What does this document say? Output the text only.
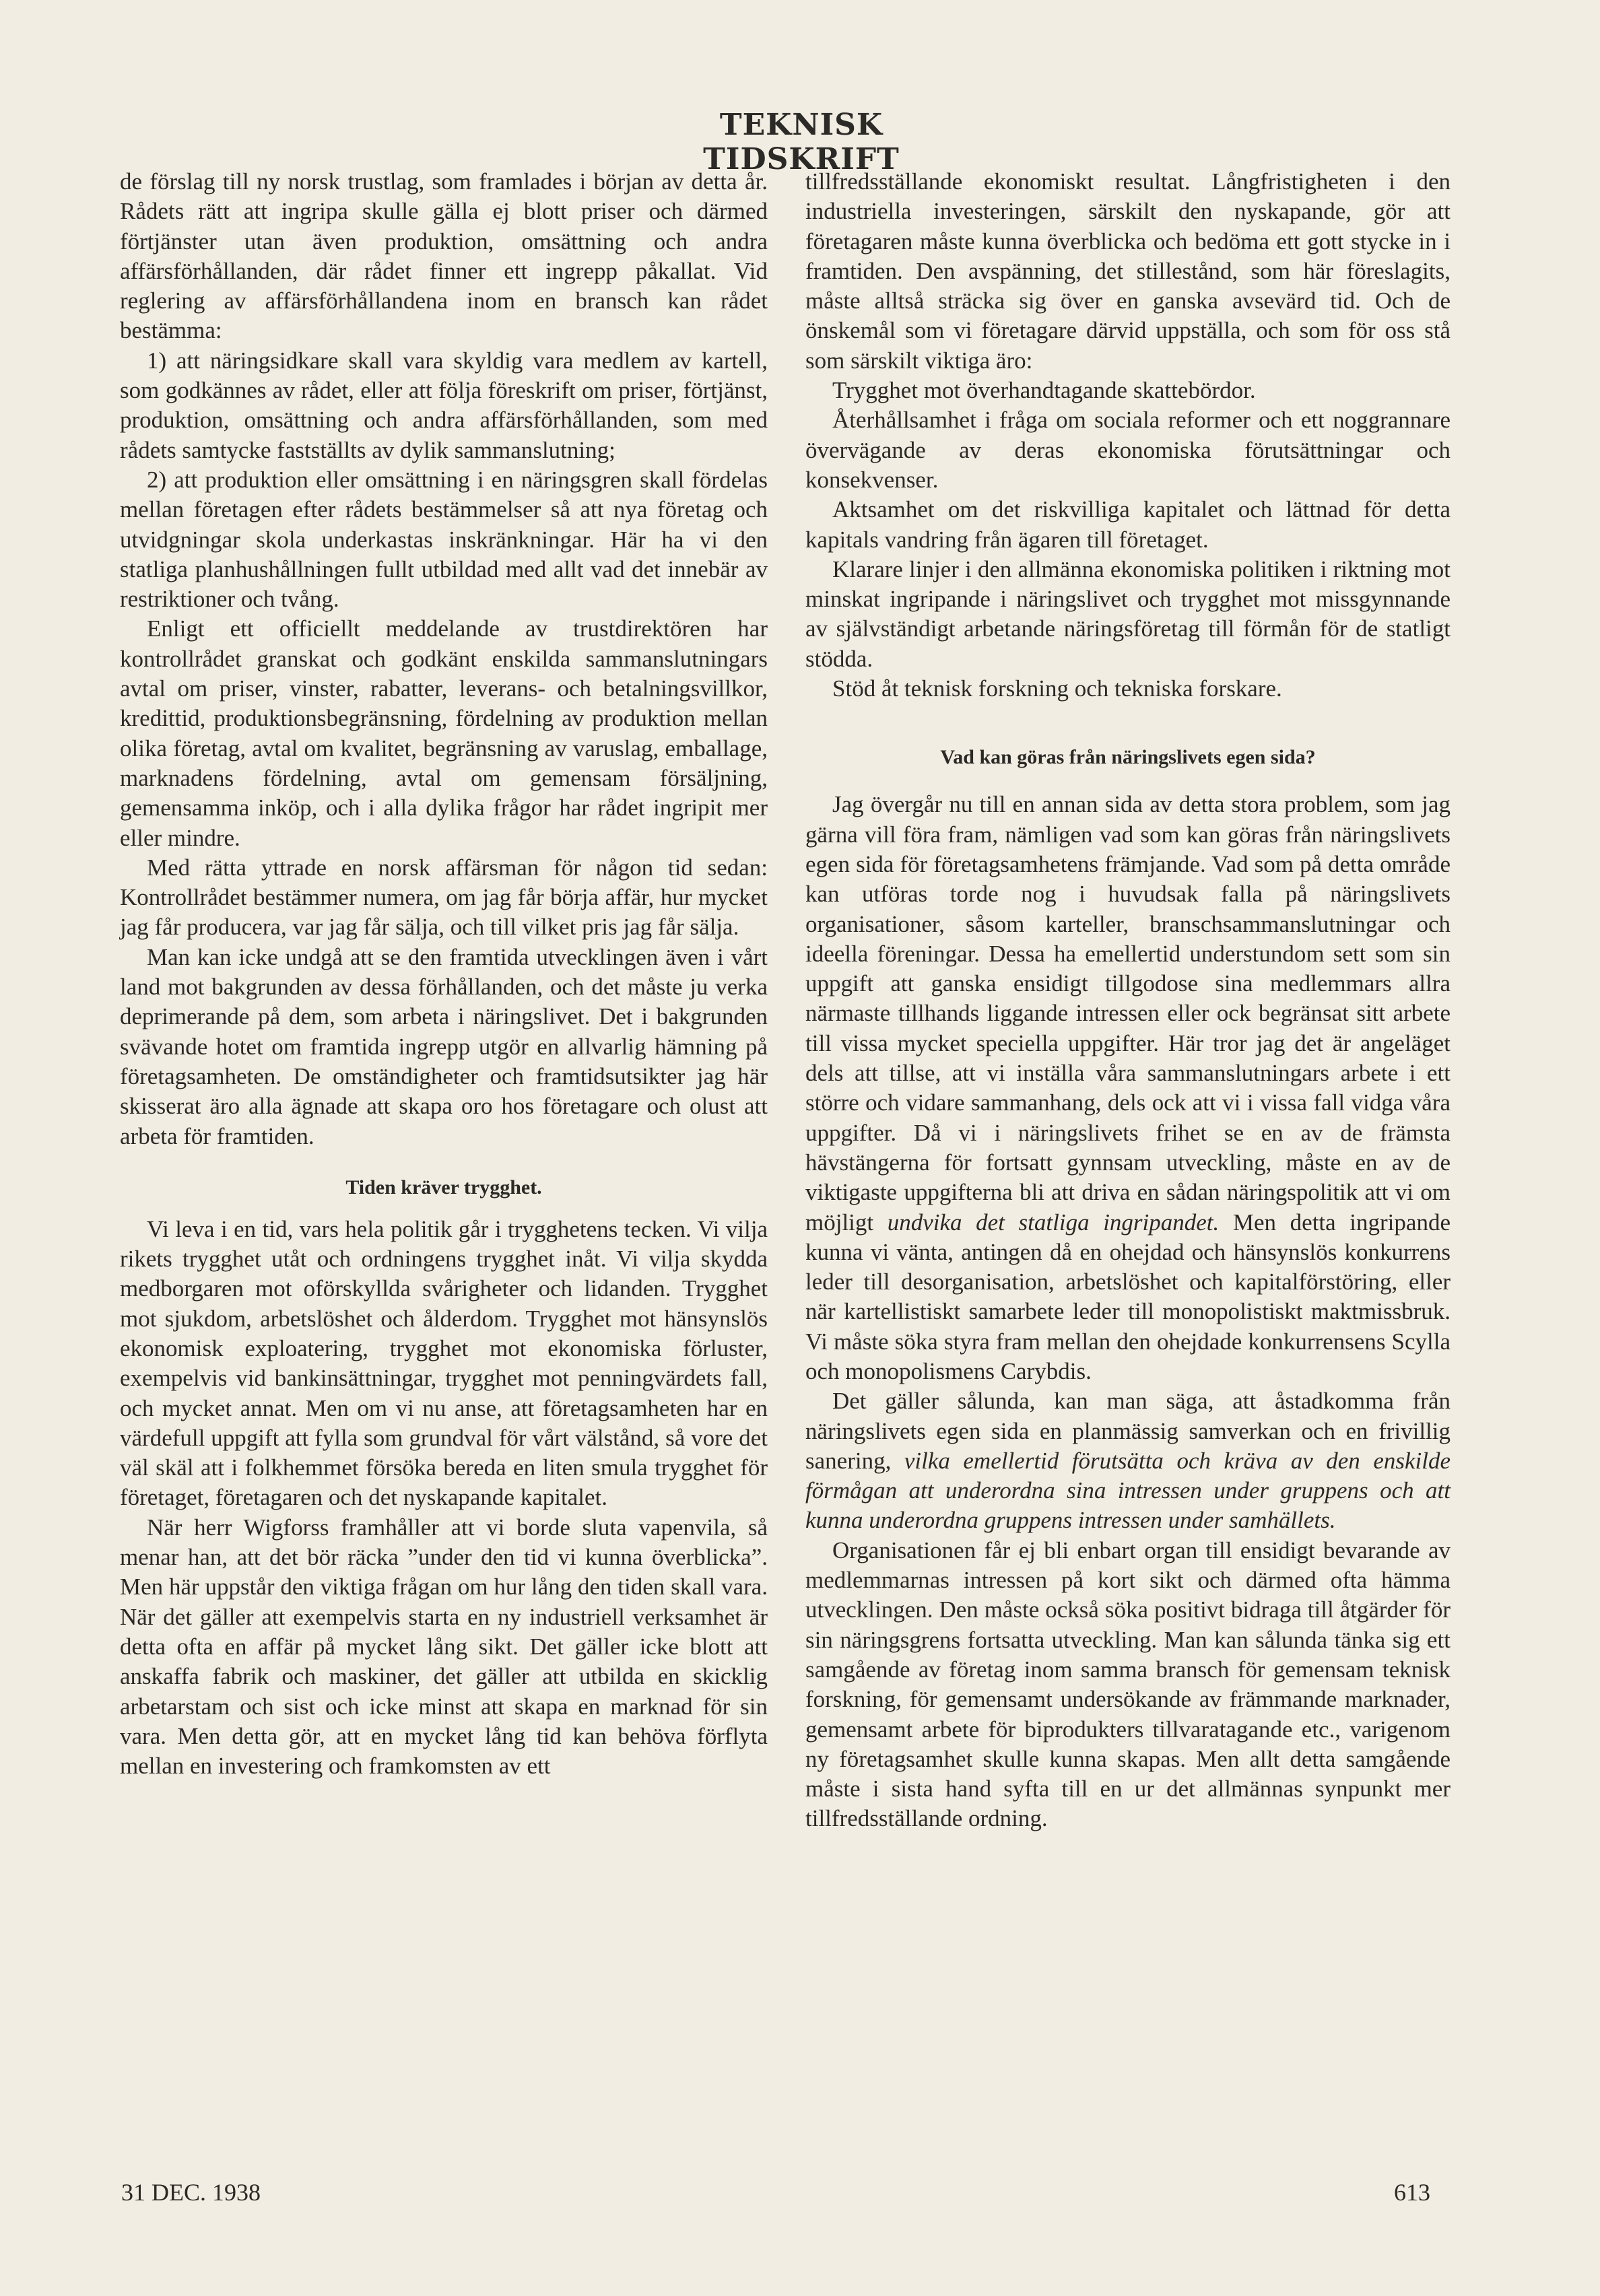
TEKNISK TIDSKRIFT

de förslag till ny norsk trustlag, som framlades i början av detta år. Rådets rätt att ingripa skulle gälla ej blott priser och därmed förtjänster utan även produktion, omsättning och andra affärsförhållanden, där rådet finner ett ingrepp påkallat. Vid reglering av affärsförhållandena inom en bransch kan rådet bestämma:

1) att näringsidkare skall vara skyldig vara medlem av kartell, som godkännes av rådet, eller att följa föreskrift om priser, förtjänst, produktion, omsättning och andra affärsförhållanden, som med rådets samtycke fastställts av dylik sammanslutning;

2) att produktion eller omsättning i en näringsgren skall fördelas mellan företagen efter rådets bestämmelser så att nya företag och utvidgningar skola underkastas inskränkningar. Här ha vi den statliga planhushållningen fullt utbildad med allt vad det innebär av restriktioner och tvång.

Enligt ett officiellt meddelande av trustdirektören har kontrollrådet granskat och godkänt enskilda sammanslutningars avtal om priser, vinster, rabatter, leverans- och betalningsvillkor, kredittid, produktionsbegränsning, fördelning av produktion mellan olika företag, avtal om kvalitet, begränsning av varuslag, emballage, marknadens fördelning, avtal om gemensam försäljning, gemensamma inköp, och i alla dylika frågor har rådet ingripit mer eller mindre.

Med rätta yttrade en norsk affärsman för någon tid sedan: Kontrollrådet bestämmer numera, om jag får börja affär, hur mycket jag får producera, var jag får sälja, och till vilket pris jag får sälja.

Man kan icke undgå att se den framtida utvecklingen även i vårt land mot bakgrunden av dessa förhållanden, och det måste ju verka deprimerande på dem, som arbeta i näringslivet. Det i bakgrunden svävande hotet om framtida ingrepp utgör en allvarlig hämning på företagsamheten. De omständigheter och framtidsutsikter jag här skisserat äro alla ägnade att skapa oro hos företagare och olust att arbeta för framtiden.

Tiden kräver trygghet.

Vi leva i en tid, vars hela politik går i trygghetens tecken. Vi vilja rikets trygghet utåt och ordningens trygghet inåt. Vi vilja skydda medborgaren mot oförskyllda svårigheter och lidanden. Trygghet mot sjukdom, arbetslöshet och ålderdom. Trygghet mot hänsynslös ekonomisk exploatering, trygghet mot ekonomiska förluster, exempelvis vid bankinsättningar, trygghet mot penningvärdets fall, och mycket annat. Men om vi nu anse, att företagsamheten har en värdefull uppgift att fylla som grundval för vårt välstånd, så vore det väl skäl att i folkhemmet försöka bereda en liten smula trygghet för företaget, företagaren och det nyskapande kapitalet.

När herr Wigforss framhåller att vi borde sluta vapenvila, så menar han, att det bör räcka ”under den tid vi kunna överblicka”. Men här uppstår den viktiga frågan om hur lång den tiden skall vara. När det gäller att exempelvis starta en ny industriell verksamhet är detta ofta en affär på mycket lång sikt. Det gäller icke blott att anskaffa fabrik och maskiner, det gäller att utbilda en skicklig arbetarstam och sist och icke minst att skapa en marknad för sin vara. Men detta gör, att en mycket lång tid kan behöva förflyta mellan en investering och framkomsten av ett

tillfredsställande ekonomiskt resultat. Långfristigheten i den industriella investeringen, särskilt den nyskapande, gör att företagaren måste kunna överblicka och bedöma ett gott stycke in i framtiden. Den avspänning, det stillestånd, som här föreslagits, måste alltså sträcka sig över en ganska avsevärd tid. Och de önskemål som vi företagare därvid uppställa, och som för oss stå som särskilt viktiga äro:

Trygghet mot överhandtagande skattebördor.

Återhållsamhet i fråga om sociala reformer och ett noggrannare övervägande av deras ekonomiska förutsättningar och konsekvenser.

Aktsamhet om det riskvilliga kapitalet och lättnad för detta kapitals vandring från ägaren till företaget.

Klarare linjer i den allmänna ekonomiska politiken i riktning mot minskat ingripande i näringslivet och trygghet mot missgynnande av självständigt arbetande näringsföretag till förmån för de statligt stödda.

Stöd åt teknisk forskning och tekniska forskare.

Vad kan göras från näringslivets egen sida?

Jag övergår nu till en annan sida av detta stora problem, som jag gärna vill föra fram, nämligen vad som kan göras från näringslivets egen sida för företagsamhetens främjande. Vad som på detta område kan utföras torde nog i huvudsak falla på näringslivets organisationer, såsom karteller, branschsammanslutningar och ideella föreningar. Dessa ha emellertid understundom sett som sin uppgift att ganska ensidigt tillgodose sina medlemmars allra närmaste tillhands liggande intressen eller ock begränsat sitt arbete till vissa mycket speciella uppgifter. Här tror jag det är angeläget dels att tillse, att vi inställa våra sammanslutningars arbete i ett större och vidare sammanhang, dels ock att vi i vissa fall vidga våra uppgifter. Då vi i näringslivets frihet se en av de främsta hävstängerna för fortsatt gynnsam utveckling, måste en av de viktigaste uppgifterna bli att driva en sådan näringspolitik att vi om möjligt undvika det statliga ingripandet. Men detta ingripande kunna vi vänta, antingen då en ohejdad och hänsynslös konkurrens leder till desorganisation, arbetslöshet och kapitalförstöring, eller när kartellistiskt samarbete leder till monopolistiskt maktmissbruk. Vi måste söka styra fram mellan den ohejdade konkurrensens Scylla och monopolismens Carybdis.

Det gäller sålunda, kan man säga, att åstadkomma från näringslivets egen sida en planmässig samverkan och en frivillig sanering, vilka emellertid förutsätta och kräva av den enskilde förmågan att underordna sina intressen under gruppens och att kunna underordna gruppens intressen under samhällets.

Organisationen får ej bli enbart organ till ensidigt bevarande av medlemmarnas intressen på kort sikt och därmed ofta hämma utvecklingen. Den måste också söka positivt bidraga till åtgärder för sin näringsgrens fortsatta utveckling. Man kan sålunda tänka sig ett samgående av företag inom samma bransch för gemensam teknisk forskning, för gemensamt undersökande av främmande marknader, gemensamt arbete för biprodukters tillvaratagande etc., varigenom ny företagsamhet skulle kunna skapas. Men allt detta samgående måste i sista hand syfta till en ur det allmännas synpunkt mer tillfredsställande ordning.

31 DEC. 1938	613
